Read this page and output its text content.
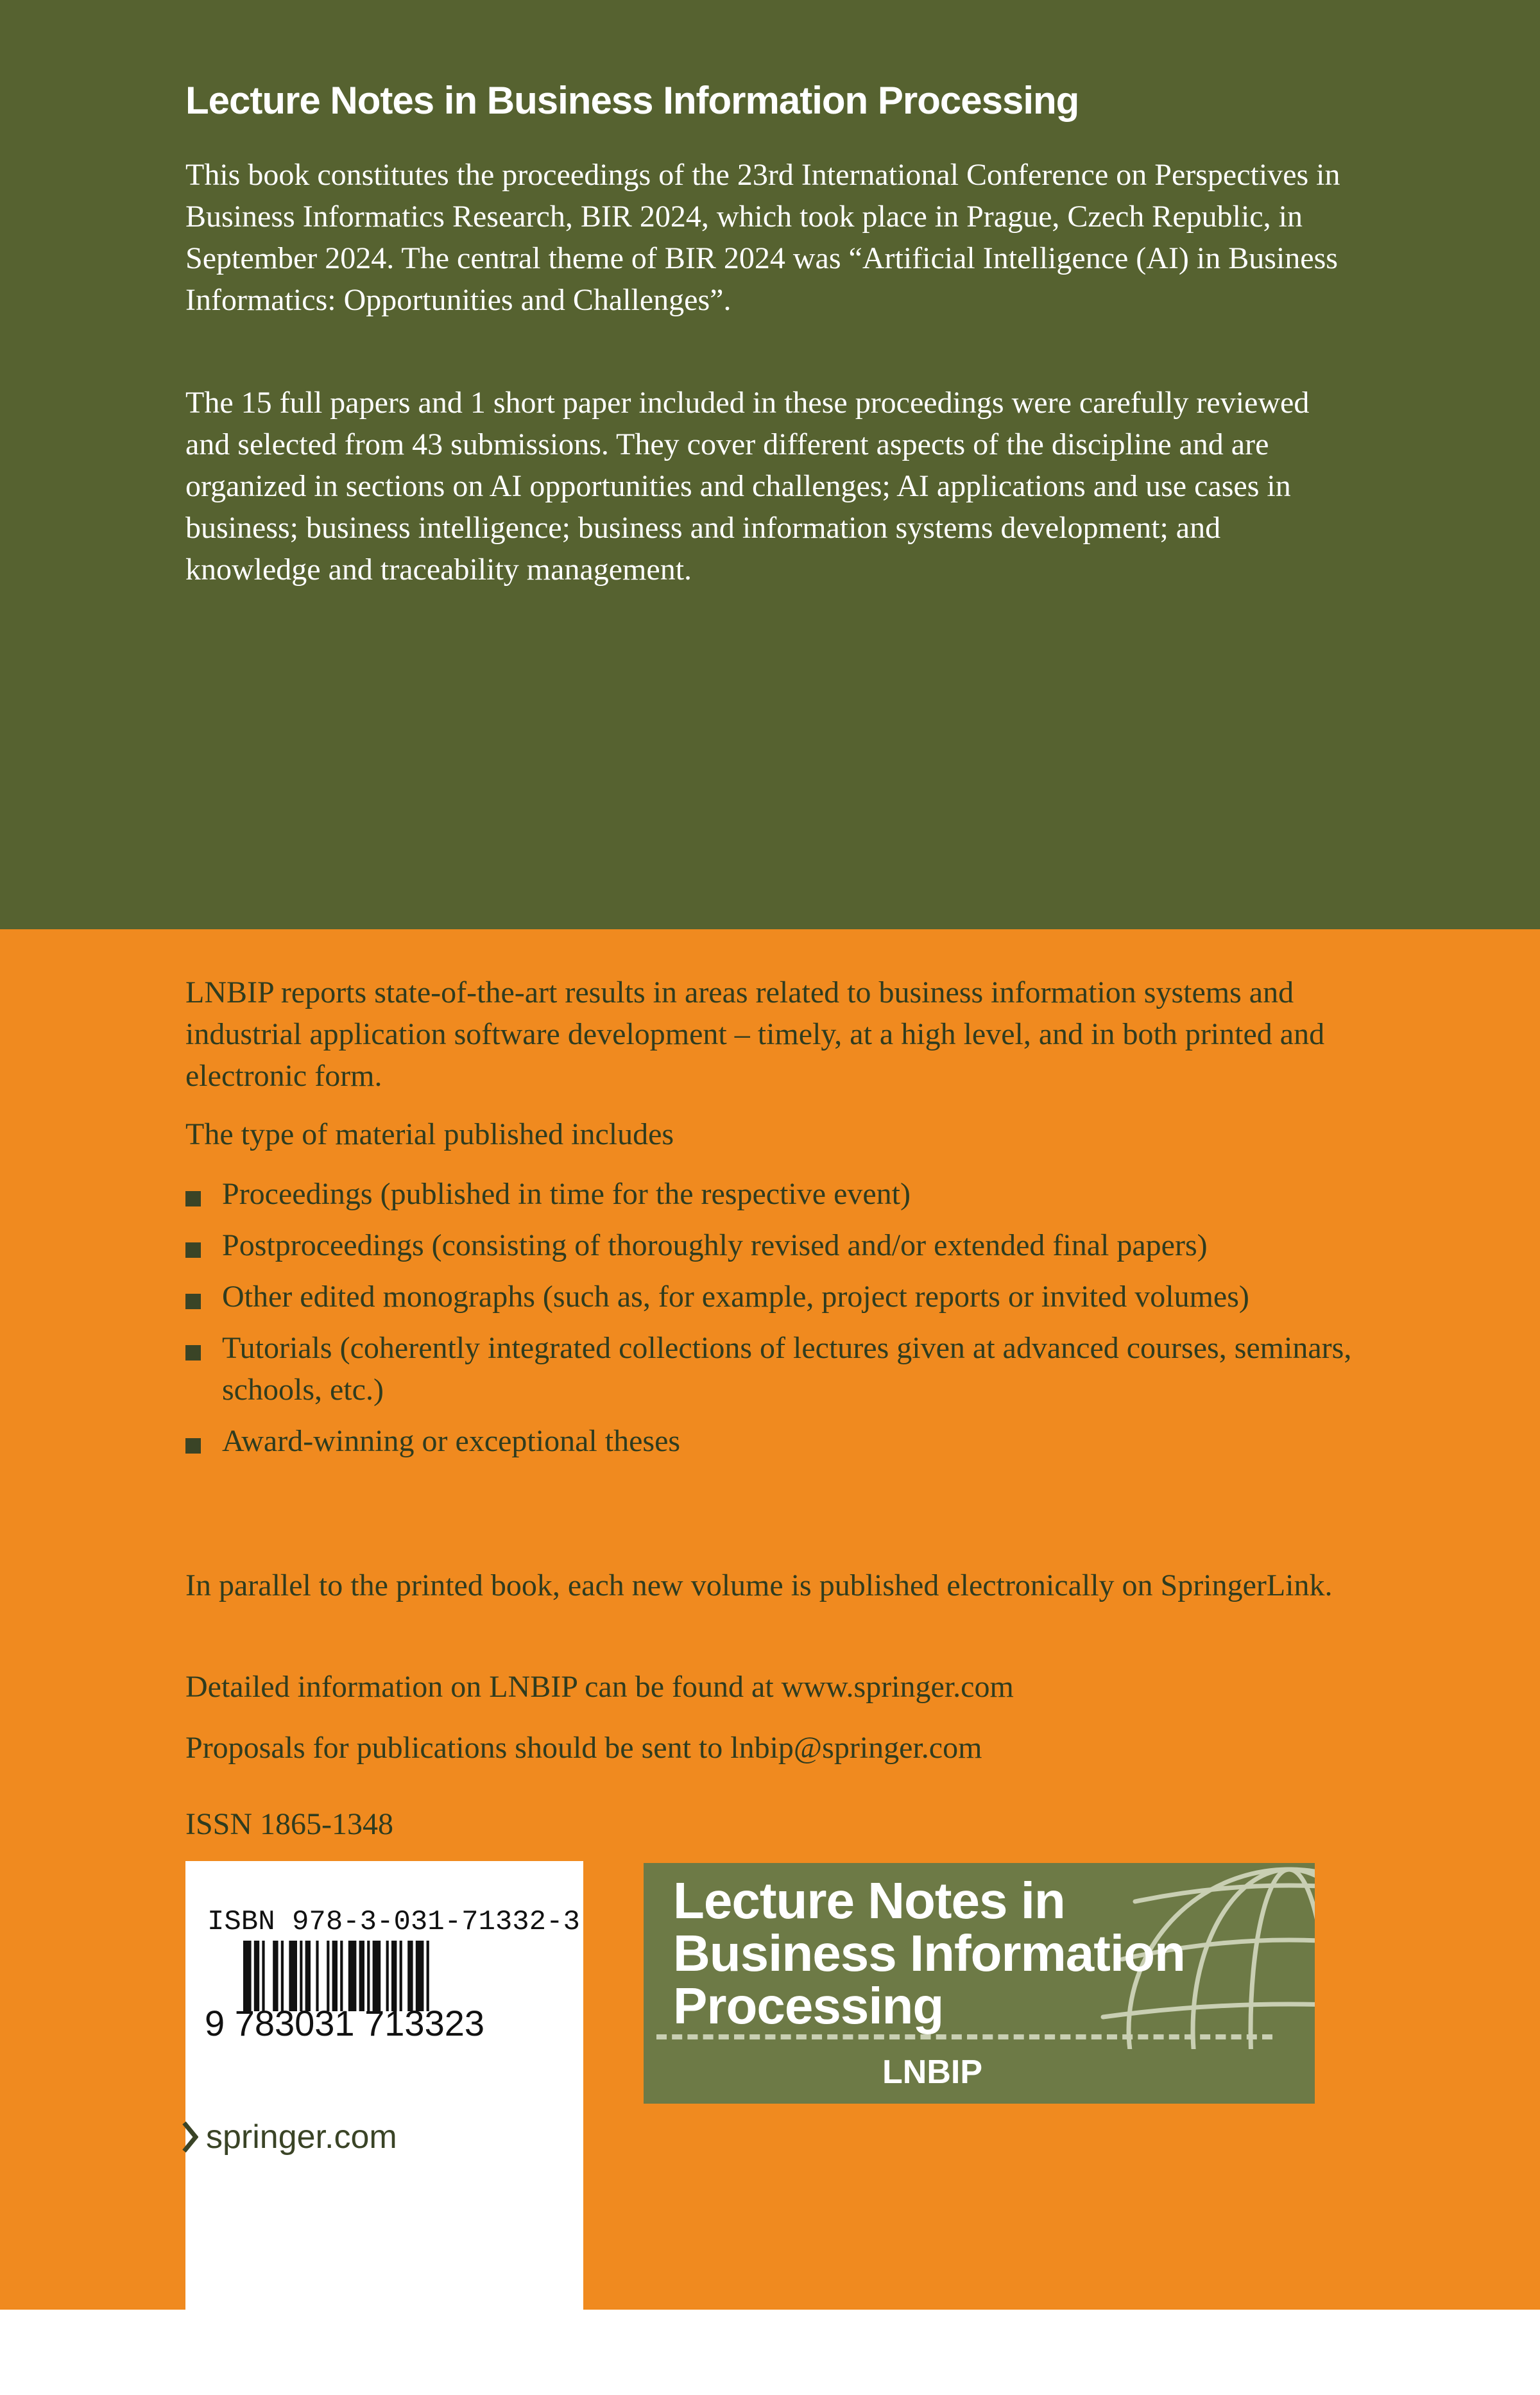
Lecture Notes in Business Information Processing

This book constitutes the proceedings of the 23rd International Conference on Perspectives in Business Informatics Research, BIR 2024, which took place in Prague, Czech Republic, in September 2024. The central theme of BIR 2024 was “Artificial Intelligence (AI) in Business Informatics: Opportunities and Challenges”.

The 15 full papers and 1 short paper included in these proceedings were carefully reviewed and selected from 43 submissions. They cover different aspects of the discipline and are organized in sections on AI opportunities and challenges; AI applications and use cases in business; business intelligence; business and information systems development; and knowledge and traceability management.

LNBIP reports state-of-the-art results in areas related to business information systems and industrial application software development – timely, at a high level, and in both printed and electronic form.

The type of material published includes

Proceedings (published in time for the respective event)
Postproceedings (consisting of thoroughly revised and/or extended final papers)
Other edited monographs (such as, for example, project reports or invited volumes)
Tutorials (coherently integrated collections of lectures given at advanced courses, seminars, schools, etc.)
Award-winning or exceptional theses

In parallel to the printed book, each new volume is published electronically on SpringerLink.

Detailed information on LNBIP can be found at www.springer.com

Proposals for publications should be sent to lnbip@springer.com

ISSN 1865-1348

ISBN 978-3-031-71332-3
9 783031 713323

Lecture Notes in
Business Information
Processing

LNBIP
springer.com
